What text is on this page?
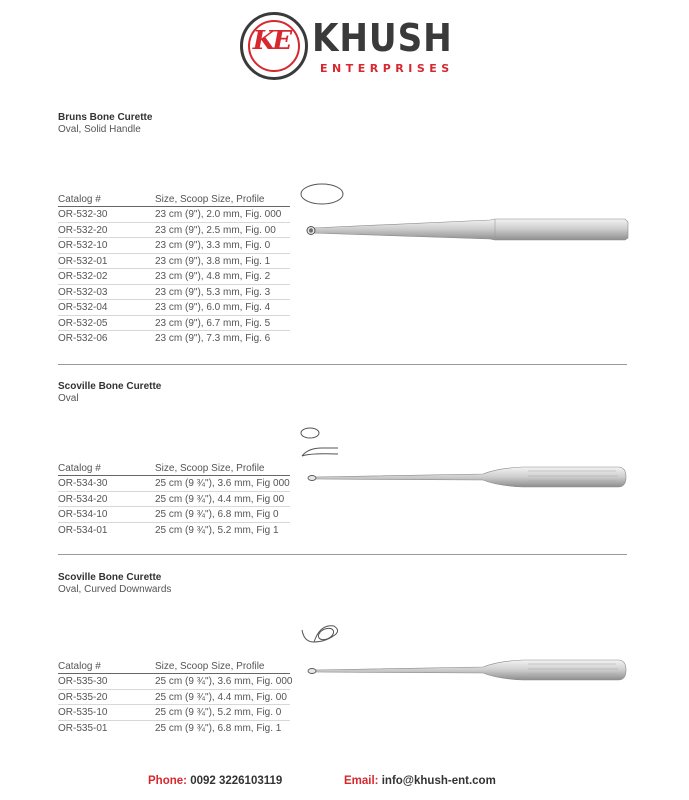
KE KHUSH
ENTERPRISES
Bruns Bone Curette
Oval, Solid Handle
Catalog #	Size, Scoop Size, Profile
OR-532-30	23 cm (9"), 2.0 mm, Fig. 000
OR-532-20	23 cm (9"), 2.5 mm, Fig. 00
OR-532-10	23 cm (9"), 3.3 mm, Fig. 0
OR-532-01	23 cm (9"), 3.8 mm, Fig. 1
OR-532-02	23 cm (9"), 4.8 mm, Fig. 2
OR-532-03	23 cm (9"), 5.3 mm, Fig. 3
OR-532-04	23 cm (9"), 6.0 mm, Fig. 4
OR-532-05	23 cm (9"), 6.7 mm, Fig. 5
OR-532-06	23 cm (9"), 7.3 mm, Fig. 6
Scoville Bone Curette
Oval
Catalog #	Size, Scoop Size, Profile
OR-534-30	25 cm (9 ¾"), 3.6 mm, Fig 000
OR-534-20	25 cm (9 ¾"), 4.4 mm, Fig 00
OR-534-10	25 cm (9 ¾"), 6.8 mm, Fig 0
OR-534-01	25 cm (9 ¾"), 5.2 mm, Fig 1
Scoville Bone Curette
Oval, Curved Downwards
Catalog #	Size, Scoop Size, Profile
OR-535-30	25 cm (9 ¾"), 3.6 mm, Fig. 000
OR-535-20	25 cm (9 ¾"), 4.4 mm, Fig. 00
OR-535-10	25 cm (9 ¾"), 5.2 mm, Fig. 0
OR-535-01	25 cm (9 ¾"), 6.8 mm, Fig. 1
Phone: 0092 3226103119	Email: info@khush-ent.com
